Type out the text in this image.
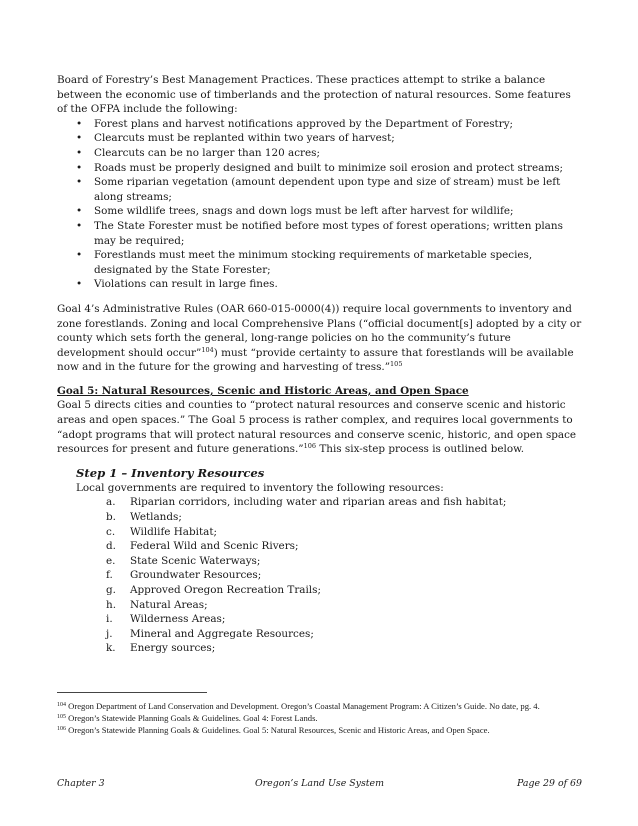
Board of Forestry’s Best Management Practices. These practices attempt to strike a balance between the economic use of timberlands and the protection of natural resources. Some features of the OFPA include the following:

• Forest plans and harvest notifications approved by the Department of Forestry;
• Clearcuts must be replanted within two years of harvest;
• Clearcuts can be no larger than 120 acres;
• Roads must be properly designed and built to minimize soil erosion and protect streams;
• Some riparian vegetation (amount dependent upon type and size of stream) must be left along streams;
• Some wildlife trees, snags and down logs must be left after harvest for wildlife;
• The State Forester must be notified before most types of forest operations; written plans may be required;
• Forestlands must meet the minimum stocking requirements of marketable species, designated by the State Forester;
• Violations can result in large fines.

Goal 4’s Administrative Rules (OAR 660-015-0000(4)) require local governments to inventory and zone forestlands. Zoning and local Comprehensive Plans (“official document[s] adopted by a city or county which sets forth the general, long-range policies on ho the community’s future development should occur”$^{104}$) must “provide certainty to assure that forestlands will be available now and in the future for the growing and harvesting of tress.”$^{105}$

Goal 5: Natural Resources, Scenic and Historic Areas, and Open Space

Goal 5 directs cities and counties to “protect natural resources and conserve scenic and historic areas and open spaces.” The Goal 5 process is rather complex, and requires local governments to “adopt programs that will protect natural resources and conserve scenic, historic, and open space resources for present and future generations.”$^{106}$ This six-step process is outlined below.

Step 1 – Inventory Resources
Local governments are required to inventory the following resources:
a. Riparian corridors, including water and riparian areas and fish habitat;
b. Wetlands;
c. Wildlife Habitat;
d. Federal Wild and Scenic Rivers;
e. State Scenic Waterways;
f. Groundwater Resources;
g. Approved Oregon Recreation Trails;
h. Natural Areas;
i. Wilderness Areas;
j. Mineral and Aggregate Resources;
k. Energy sources;
$^{104}$ Oregon Department of Land Conservation and Development. Oregon’s Coastal Management Program: A Citizen’s Guide. No date, pg. 4.
$^{105}$ Oregon’s Statewide Planning Goals & Guidelines. Goal 4: Forest Lands.
$^{106}$ Oregon’s Statewide Planning Goals & Guidelines. Goal 5: Natural Resources, Scenic and Historic Areas, and Open Space.
Chapter 3	Oregon’s Land Use System	Page 29 of 69
